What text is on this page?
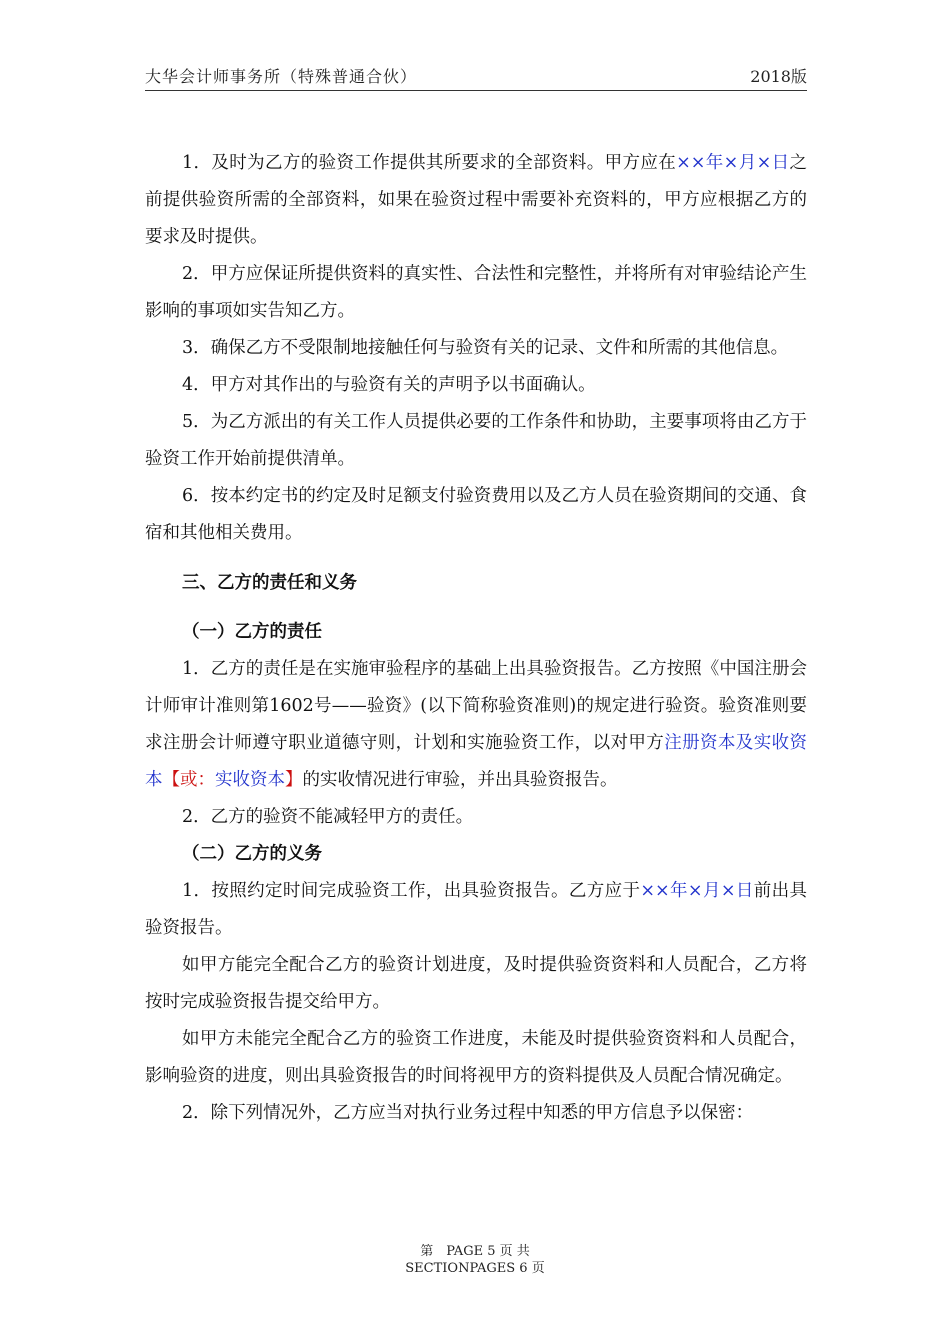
大华会计师事务所（特殊普通合伙）	2018版

1．及时为乙方的验资工作提供其所要求的全部资料。甲方应在××年×月×日之前提供验资所需的全部资料，如果在验资过程中需要补充资料的，甲方应根据乙方的要求及时提供。

2．甲方应保证所提供资料的真实性、合法性和完整性，并将所有对审验结论产生影响的事项如实告知乙方。

3．确保乙方不受限制地接触任何与验资有关的记录、文件和所需的其他信息。

4．甲方对其作出的与验资有关的声明予以书面确认。

5．为乙方派出的有关工作人员提供必要的工作条件和协助，主要事项将由乙方于验资工作开始前提供清单。

6．按本约定书的约定及时足额支付验资费用以及乙方人员在验资期间的交通、食宿和其他相关费用。

三、乙方的责任和义务

（一）乙方的责任

1．乙方的责任是在实施审验程序的基础上出具验资报告。乙方按照《中国注册会计师审计准则第1602号——验资》(以下简称验资准则)的规定进行验资。验资准则要求注册会计师遵守职业道德守则，计划和实施验资工作，以对甲方注册资本及实收资本【或：实收资本】的实收情况进行审验，并出具验资报告。

2．乙方的验资不能减轻甲方的责任。

（二）乙方的义务

1．按照约定时间完成验资工作，出具验资报告。乙方应于××年×月×日前出具验资报告。

如甲方能完全配合乙方的验资计划进度，及时提供验资资料和人员配合，乙方将按时完成验资报告提交给甲方。

如甲方未能完全配合乙方的验资工作进度，未能及时提供验资资料和人员配合，影响验资的进度，则出具验资报告的时间将视甲方的资料提供及人员配合情况确定。

2．除下列情况外，乙方应当对执行业务过程中知悉的甲方信息予以保密：

第　PAGE 5 页 共
SECTIONPAGES 6 页
